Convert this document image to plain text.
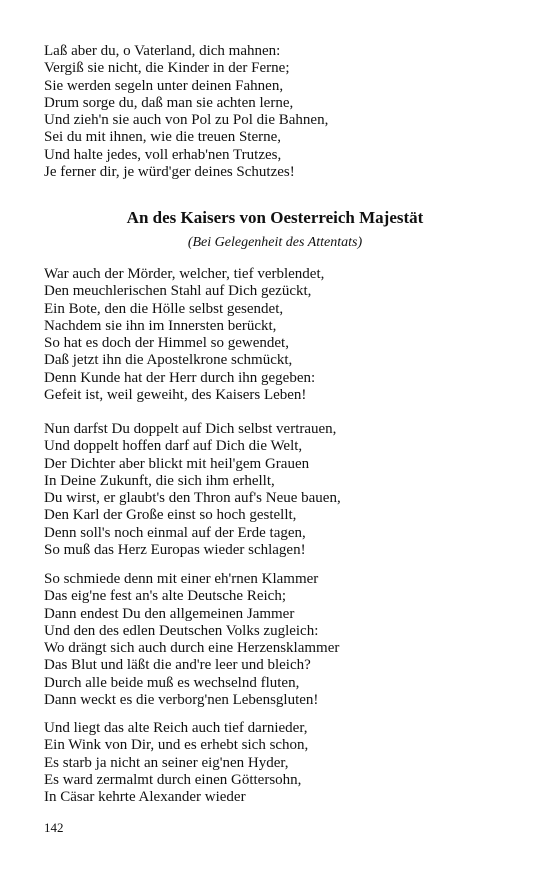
Laß aber du, o Vaterland, dich mahnen:
Vergiß sie nicht, die Kinder in der Ferne;
Sie werden segeln unter deinen Fahnen,
Drum sorge du, daß man sie achten lerne,
Und zieh'n sie auch von Pol zu Pol die Bahnen,
Sei du mit ihnen, wie die treuen Sterne,
Und halte jedes, voll erhab'nen Trutzes,
Je ferner dir, je würd'ger deines Schutzes!
An des Kaisers von Oesterreich Majestät
(Bei Gelegenheit des Attentats)
War auch der Mörder, welcher, tief verblendet,
Den meuchlerischen Stahl auf Dich gezückt,
Ein Bote, den die Hölle selbst gesendet,
Nachdem sie ihn im Innersten berückt,
So hat es doch der Himmel so gewendet,
Daß jetzt ihn die Apostelkrone schmückt,
Denn Kunde hat der Herr durch ihn gegeben:
Gefeit ist, weil geweiht, des Kaisers Leben!
Nun darfst Du doppelt auf Dich selbst vertrauen,
Und doppelt hoffen darf auf Dich die Welt,
Der Dichter aber blickt mit heil'gem Grauen
In Deine Zukunft, die sich ihm erhellt,
Du wirst, er glaubt's den Thron auf's Neue bauen,
Den Karl der Große einst so hoch gestellt,
Denn soll's noch einmal auf der Erde tagen,
So muß das Herz Europas wieder schlagen!
So schmiede denn mit einer eh'rnen Klammer
Das eig'ne fest an's alte Deutsche Reich;
Dann endest Du den allgemeinen Jammer
Und den des edlen Deutschen Volks zugleich:
Wo drängt sich auch durch eine Herzensklammer
Das Blut und läßt die and're leer und bleich?
Durch alle beide muß es wechselnd fluten,
Dann weckt es die verborg'nen Lebensgluten!
Und liegt das alte Reich auch tief darnieder,
Ein Wink von Dir, und es erhebt sich schon,
Es starb ja nicht an seiner eig'nen Hyder,
Es ward zermalmt durch einen Göttersohn,
In Cäsar kehrte Alexander wieder
142
